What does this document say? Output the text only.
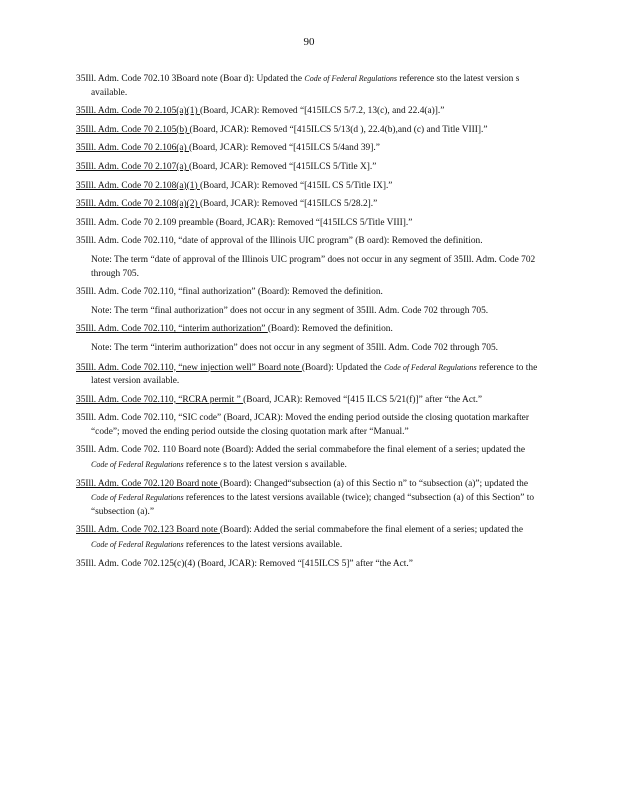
90

35Ill. Adm. Code 702.10 3Board note (Boar d): Updated the Code of Federal Regulations reference sto the latest version s available.

35Ill. Adm. Code 70 2.105(a)(1) (Board, JCAR): Removed “[415ILCS 5/7.2, 13(c), and 22.4(a)].”

35Ill. Adm. Code 70 2.105(b) (Board, JCAR): Removed “[415ILCS 5/13(d ), 22.4(b),and (c) and Title VIII].”

35Ill. Adm. Code 70 2.106(a) (Board, JCAR): Removed “[415ILCS 5/4and 39].”

35Ill. Adm. Code 70 2.107(a) (Board, JCAR): Removed “[415ILCS 5/Title X].”

35Ill. Adm. Code 70 2.108(a)(1) (Board, JCAR): Removed “[415IL CS 5/Title IX].”

35Ill. Adm. Code 70 2.108(a)(2) (Board, JCAR): Removed “[415ILCS 5/28.2].”

35Ill. Adm. Code 70 2.109 preamble (Board, JCAR): Removed “[415ILCS 5/Title VIII].”

35Ill. Adm. Code 702.110, “date of approval of the Illinois UIC program” (B oard): Removed the definition.

Note: The term “date of approval of the Illinois UIC program” does not occur in any segment of 35Ill. Adm. Code 702 through 705.

35Ill. Adm. Code 702.110, “final authorization” (Board): Removed the definition.

Note: The term “final authorization” does not occur in any segment of 35Ill. Adm. Code 702 through 705.

35Ill. Adm. Code 702.110, “interim authorization” (Board): Removed the definition.

Note: The term “interim authorization” does not occur in any segment of 35Ill. Adm. Code 702 through 705.

35Ill. Adm. Code 702.110, “new injection well” Board note (Board): Updated the Code of Federal Regulations reference to the latest version available.

35Ill. Adm. Code 702.110, “RCRA permit ” (Board, JCAR): Removed “[415 ILCS 5/21(f)]” after “the Act.”

35Ill. Adm. Code 702.110, “SIC code” (Board, JCAR): Moved the ending period outside the closing quotation markafter “code”; moved the ending period outside the closing quotation mark after “Manual.”

35Ill. Adm. Code 702. 110 Board note (Board): Added the serial commabefore the final element of a series; updated the Code of Federal Regulations reference s to the latest version s available.

35Ill. Adm. Code 702.120 Board note (Board): Changed“subsection (a) of this Sectio n” to “subsection (a)”; updated the Code of Federal Regulations references to the latest versions available (twice); changed “subsection (a) of this Section” to “subsection (a).”

35Ill. Adm. Code 702.123 Board note (Board): Added the serial commabefore the final element of a series; updated the Code of Federal Regulations references to the latest versions available.

35Ill. Adm. Code 702.125(c)(4) (Board, JCAR): Removed “[415ILCS 5]” after “the Act.”
